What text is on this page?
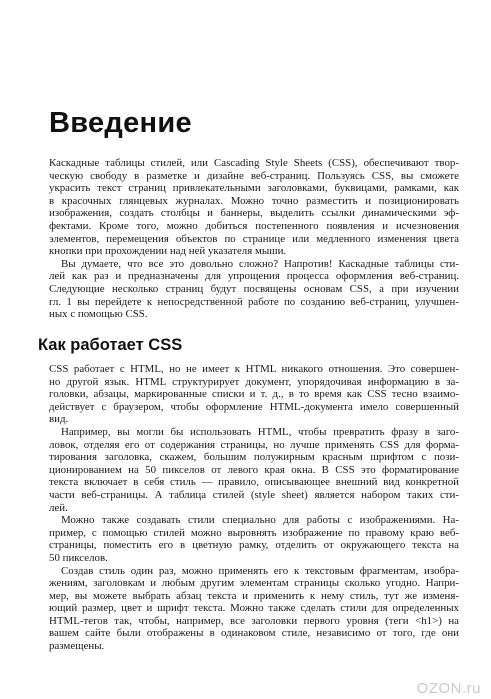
Введение
Каскадные таблицы стилей, или Cascading Style Sheets (CSS), обеспечивают твор-
ческую свободу в разметке и дизайне веб-страниц. Пользуясь CSS, вы сможете
украсить текст страниц привлекательными заголовками, буквицами, рамками, как
в красочных глянцевых журналах. Можно точно разместить и позиционировать
изображения, создать столбцы и баннеры, выделить ссылки динамическими эф-
фектами. Кроме того, можно добиться постепенного появления и исчезновения
элементов, перемещения объектов по странице или медленного изменения цвета
кнопки при прохождении над ней указателя мыши.
Вы думаете, что все это довольно сложно? Напротив! Каскадные таблицы сти-
лей как раз и предназначены для упрощения процесса оформления веб-страниц.
Следующие несколько страниц будут посвящены основам CSS, а при изучении
гл. 1 вы перейдете к непосредственной работе по созданию веб-страниц, улучшен-
ных с помощью CSS.
Как работает CSS
CSS работает с HTML, но не имеет к HTML никакого отношения. Это совершен-
но другой язык. HTML структурирует документ, упорядочивая информацию в за-
головки, абзацы, маркированные списки и т. д., в то время как CSS тесно взаимо-
действует с браузером, чтобы оформление HTML-документа имело совершенный
вид.
Например, вы могли бы использовать HTML, чтобы превратить фразу в заго-
ловок, отделяя его от содержания страницы, но лучше применять CSS для форма-
тирования заголовка, скажем, большим полужирным красным шрифтом с пози-
ционированием на 50 пикселов от левого края окна. В CSS это форматирование
текста включает в себя стиль — правило, описывающее внешний вид конкретной
части веб-страницы. А таблица стилей (style sheet) является набором таких сти-
лей.
Можно также создавать стили специально для работы с изображениями. На-
пример, с помощью стилей можно выровнять изображение по правому краю веб-
страницы, поместить его в цветную рамку, отделить от окружающего текста на
50 пикселов.
Создав стиль один раз, можно применять его к текстовым фрагментам, изобра-
жениям, заголовкам и любым другим элементам страницы сколько угодно. Напри-
мер, вы можете выбрать абзац текста и применить к нему стиль, тут же изменя-
ющий размер, цвет и шрифт текста. Можно также сделать стили для определенных
HTML-тегов так, чтобы, например, все заголовки первого уровня (теги <h1>) на
вашем сайте были отображены в одинаковом стиле, независимо от того, где они
размещены.
OZON.ru
